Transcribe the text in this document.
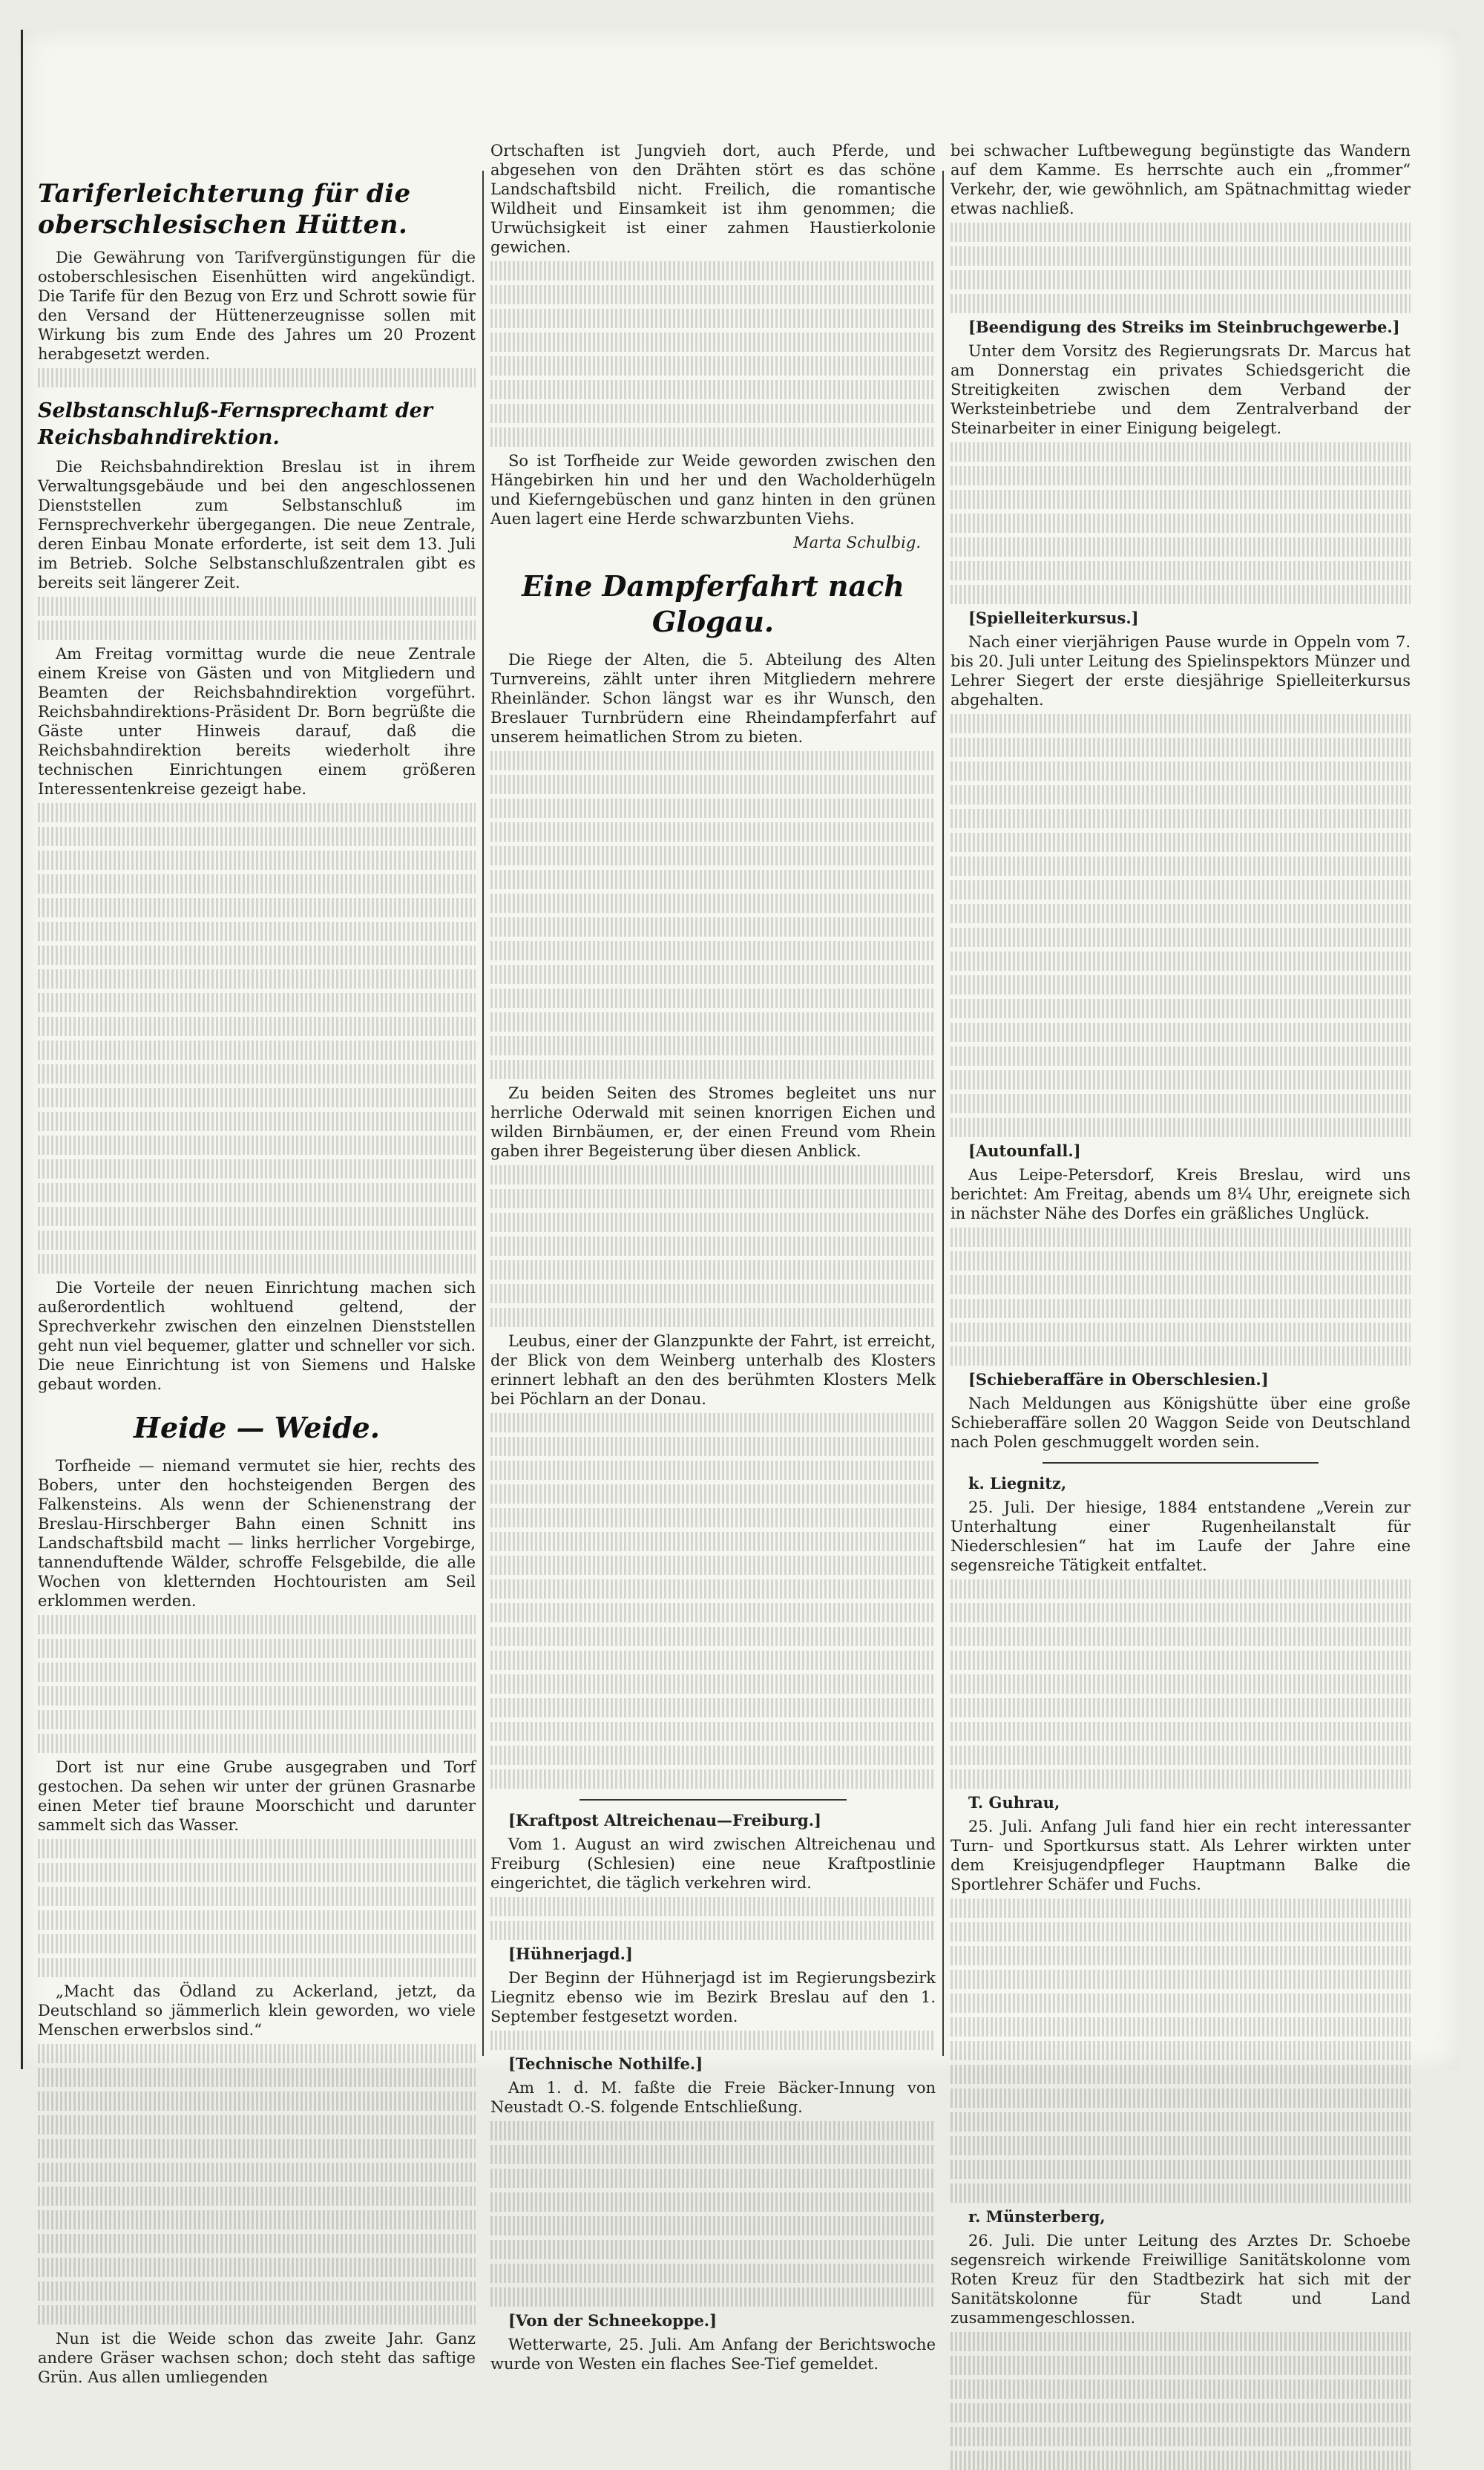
Tariferleichterung für die oberschlesischen Hütten.

Die Gewährung von Tarifvergünstigungen für die ostoberschlesischen Eisenhütten wird angekündigt. Die Tarife für den Bezug von Erz und Schrott sowie für den Versand der Hüttenerzeugnisse sollen mit Wirkung bis zum Ende des Jahres um 20 Prozent herabgesetzt werden.

Selbstanschluß-Fernsprechamt der Reichsbahndirektion.

Die Reichsbahndirektion Breslau ist in ihrem Verwaltungsgebäude und bei den angeschlossenen Dienststellen zum Selbstanschluß im Fernsprechverkehr übergegangen. Die neue Zentrale, deren Einbau Monate erforderte, ist seit dem 13. Juli im Betrieb. Solche Selbstanschlußzentralen gibt es bereits seit längerer Zeit.

Am Freitag vormittag wurde die neue Zentrale einem Kreise von Gästen und von Mitgliedern und Beamten der Reichsbahndirektion vorgeführt. Reichsbahndirektions-Präsident Dr. Born begrüßte die Gäste unter Hinweis darauf, daß die Reichsbahndirektion bereits wiederholt ihre technischen Einrichtungen einem größeren Interessentenkreise gezeigt habe.

Die Vorteile der neuen Einrichtung machen sich außerordentlich wohltuend geltend, der Sprechverkehr zwischen den einzelnen Dienststellen geht nun viel bequemer, glatter und schneller vor sich. Die neue Einrichtung ist von Siemens und Halske gebaut worden.

Heide — Weide.

Torfheide — niemand vermutet sie hier, rechts des Bobers, unter den hochsteigenden Bergen des Falkensteins. Als wenn der Schienenstrang der Breslau-Hirschberger Bahn einen Schnitt ins Landschaftsbild macht — links herrlicher Vorgebirge, tannenduftende Wälder, schroffe Felsgebilde, die alle Wochen von kletternden Hochtouristen am Seil erklommen werden.

Dort ist nur eine Grube ausgegraben und Torf gestochen. Da sehen wir unter der grünen Grasnarbe einen Meter tief braune Moorschicht und darunter sammelt sich das Wasser.

„Macht das Ödland zu Ackerland, jetzt, da Deutschland so jämmerlich klein geworden, wo viele Menschen erwerbslos sind.“

Nun ist die Weide schon das zweite Jahr. Ganz andere Gräser wachsen schon; doch steht das saftige Grün. Aus allen umliegenden

Ortschaften ist Jungvieh dort, auch Pferde, und abgesehen von den Drähten stört es das schöne Landschaftsbild nicht. Freilich, die romantische Wildheit und Einsamkeit ist ihm genommen; die Urwüchsigkeit ist einer zahmen Haustierkolonie gewichen.

So ist Torfheide zur Weide geworden zwischen den Hängebirken hin und her und den Wacholderhügeln und Kieferngebüschen und ganz hinten in den grünen Auen lagert eine Herde schwarzbunten Viehs.

Marta Schulbig.

Eine Dampferfahrt nach Glogau.

Die Riege der Alten, die 5. Abteilung des Alten Turnvereins, zählt unter ihren Mitgliedern mehrere Rheinländer. Schon längst war es ihr Wunsch, den Breslauer Turnbrüdern eine Rheindampferfahrt auf unserem heimatlichen Strom zu bieten.

Zu beiden Seiten des Stromes begleitet uns nur herrliche Oderwald mit seinen knorrigen Eichen und wilden Birnbäumen, er, der einen Freund vom Rhein gaben ihrer Begeisterung über diesen Anblick.

Leubus, einer der Glanzpunkte der Fahrt, ist erreicht, der Blick von dem Weinberg unterhalb des Klosters erinnert lebhaft an den des berühmten Klosters Melk bei Pöchlarn an der Donau.

[Kraftpost Altreichenau—Freiburg.]

Vom 1. August an wird zwischen Altreichenau und Freiburg (Schlesien) eine neue Kraftpostlinie eingerichtet, die täglich verkehren wird.

[Hühnerjagd.]

Der Beginn der Hühnerjagd ist im Regierungsbezirk Liegnitz ebenso wie im Bezirk Breslau auf den 1. September festgesetzt worden.

[Technische Nothilfe.]

Am 1. d. M. faßte die Freie Bäcker-Innung von Neustadt O.-S. folgende Entschließung.

[Von der Schneekoppe.]

Wetterwarte, 25. Juli. Am Anfang der Berichtswoche wurde von Westen ein flaches See-Tief gemeldet.

bei schwacher Luftbewegung begünstigte das Wandern auf dem Kamme. Es herrschte auch ein „frommer“ Verkehr, der, wie gewöhnlich, am Spätnachmittag wieder etwas nachließ.

[Beendigung des Streiks im Steinbruchgewerbe.]

Unter dem Vorsitz des Regierungsrats Dr. Marcus hat am Donnerstag ein privates Schiedsgericht die Streitigkeiten zwischen dem Verband der Werksteinbetriebe und dem Zentralverband der Steinarbeiter in einer Einigung beigelegt.

[Spielleiterkursus.]

Nach einer vierjährigen Pause wurde in Oppeln vom 7. bis 20. Juli unter Leitung des Spielinspektors Münzer und Lehrer Siegert der erste diesjährige Spielleiterkursus abgehalten.

[Autounfall.]

Aus Leipe-Petersdorf, Kreis Breslau, wird uns berichtet: Am Freitag, abends um 8¼ Uhr, ereignete sich in nächster Nähe des Dorfes ein gräßliches Unglück.

[Schieberaffäre in Oberschlesien.]

Nach Meldungen aus Königshütte über eine große Schieberaffäre sollen 20 Waggon Seide von Deutschland nach Polen geschmuggelt worden sein.

k. Liegnitz,

25. Juli. Der hiesige, 1884 entstandene „Verein zur Unterhaltung einer Rugenheilanstalt für Niederschlesien“ hat im Laufe der Jahre eine segensreiche Tätigkeit entfaltet.

T. Guhrau,

25. Juli. Anfang Juli fand hier ein recht interessanter Turn- und Sportkursus statt. Als Lehrer wirkten unter dem Kreisjugendpfleger Hauptmann Balke die Sportlehrer Schäfer und Fuchs.

r. Münsterberg,

26. Juli. Die unter Leitung des Arztes Dr. Schoebe segensreich wirkende Freiwillige Sanitätskolonne vom Roten Kreuz für den Stadtbezirk hat sich mit der Sanitätskolonne für Stadt und Land zusammengeschlossen.
